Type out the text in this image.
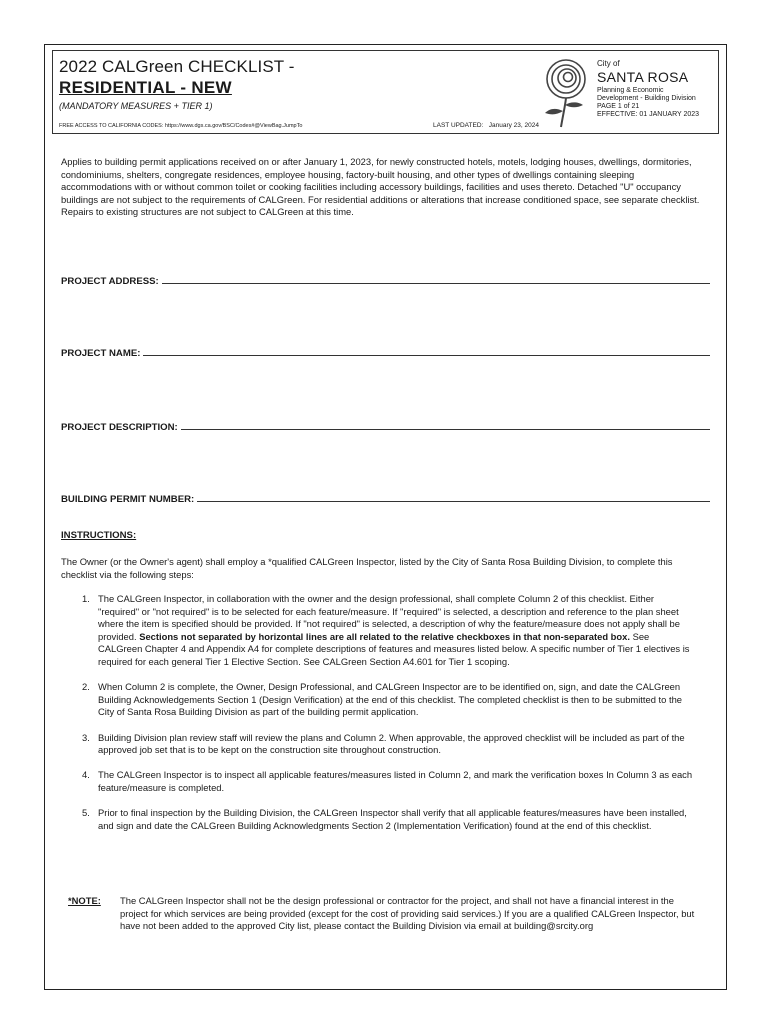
2022 CALGreen CHECKLIST -
RESIDENTIAL - NEW
(MANDATORY MEASURES + TIER 1)
FREE ACCESS TO CALIFORNIA CODES: https://www.dgs.ca.gov/BSC/Codes#@ViewBag.JumpTo	LAST UPDATED: January 23, 2024
City of
SANTA ROSA
Planning & Economic
Development - Building Division
PAGE 1 of 21
EFFECTIVE: 01 JANUARY 2023
Applies to building permit applications received on or after January 1, 2023, for newly constructed hotels, motels, lodging houses, dwellings, dormitories, condominiums, shelters, congregate residences, employee housing, factory-built housing, and other types of dwellings containing sleeping accommodations with or without common toilet or cooking facilities including accessory buildings, facilities and uses thereto. Detached "U" occupancy buildings are not subject to the requirements of CALGreen. For residential additions or alterations that increase conditioned space, see separate checklist. Repairs to existing structures are not subject to CALGreen at this time.
PROJECT ADDRESS:
PROJECT NAME:
PROJECT DESCRIPTION:
BUILDING PERMIT NUMBER:
INSTRUCTIONS:
The Owner (or the Owner's agent) shall employ a *qualified CALGreen Inspector, listed by the City of Santa Rosa Building Division, to complete this checklist via the following steps:
1. The CALGreen Inspector, in collaboration with the owner and the design professional, shall complete Column 2 of this checklist. Either "required" or "not required" is to be selected for each feature/measure. If "required" is selected, a description and reference to the plan sheet where the item is specified should be provided. If "not required" is selected, a description of why the feature/measure does not apply shall be provided. Sections not separated by horizontal lines are all related to the relative checkboxes in that non-separated box. See CALGreen Chapter 4 and Appendix A4 for complete descriptions of features and measures listed below. A specific number of Tier 1 electives is required for each general Tier 1 Elective Section. See CALGreen Section A4.601 for Tier 1 scoping.
2. When Column 2 is complete, the Owner, Design Professional, and CALGreen Inspector are to be identified on, sign, and date the CALGreen Building Acknowledgements Section 1 (Design Verification) at the end of this checklist. The completed checklist is then to be submitted to the City of Santa Rosa Building Division as part of the building permit application.
3. Building Division plan review staff will review the plans and Column 2. When approvable, the approved checklist will be included as part of the approved job set that is to be kept on the construction site throughout construction.
4. The CALGreen Inspector is to inspect all applicable features/measures listed in Column 2, and mark the verification boxes In Column 3 as each feature/measure is completed.
5. Prior to final inspection by the Building Division, the CALGreen Inspector shall verify that all applicable features/measures have been installed, and sign and date the CALGreen Building Acknowledgments Section 2 (Implementation Verification) found at the end of this checklist.
*NOTE: The CALGreen Inspector shall not be the design professional or contractor for the project, and shall not have a financial interest in the project for which services are being provided (except for the cost of providing said services.) If you are a qualified CALGreen Inspector, but have not been added to the approved City list, please contact the Building Division via email at building@srcity.org
